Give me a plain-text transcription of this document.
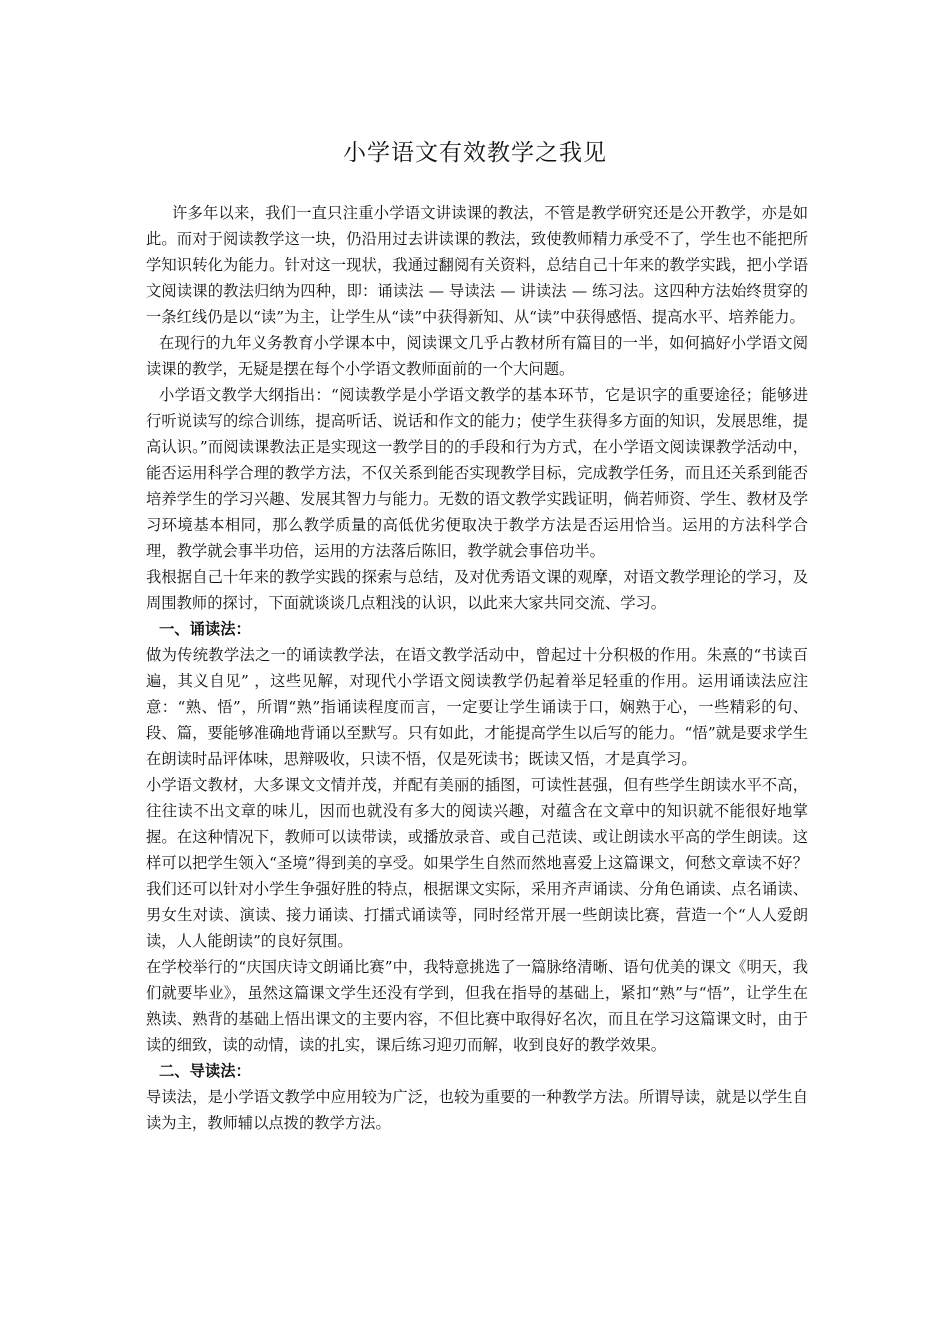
小学语文有效教学之我见

许多年以来，我们一直只注重小学语文讲读课的教法，不管是教学研究还是公开教学，亦是如此。而对于阅读教学这一块，仍沿用过去讲读课的教法，致使教师精力承受不了，学生也不能把所学知识转化为能力。针对这一现状，我通过翻阅有关资料，总结自己十年来的教学实践，把小学语文阅读课的教法归纳为四种，即：诵读法 — 导读法 — 讲读法 — 练习法。这四种方法始终贯穿的一条红线仍是以“读”为主，让学生从“读”中获得新知、从“读”中获得感悟、提高水平、培养能力。

在现行的九年义务教育小学课本中，阅读课文几乎占教材所有篇目的一半，如何搞好小学语文阅读课的教学，无疑是摆在每个小学语文教师面前的一个大问题。

小学语文教学大纲指出：“阅读教学是小学语文教学的基本环节，它是识字的重要途径；能够进行听说读写的综合训练，提高听话、说话和作文的能力；使学生获得多方面的知识，发展思维，提高认识。”而阅读课教法正是实现这一教学目的的手段和行为方式，在小学语文阅读课教学活动中，能否运用科学合理的教学方法，不仅关系到能否实现教学目标，完成教学任务，而且还关系到能否培养学生的学习兴趣、发展其智力与能力。无数的语文教学实践证明，倘若师资、学生、教材及学习环境基本相同，那么教学质量的高低优劣便取决于教学方法是否运用恰当。运用的方法科学合理，教学就会事半功倍，运用的方法落后陈旧，教学就会事倍功半。

我根据自己十年来的教学实践的探索与总结，及对优秀语文课的观摩，对语文教学理论的学习，及周围教师的探讨，下面就谈谈几点粗浅的认识，以此来大家共同交流、学习。

一、诵读法：

做为传统教学法之一的诵读教学法，在语文教学活动中，曾起过十分积极的作用。朱熹的“书读百遍，其义自见” ，这些见解，对现代小学语文阅读教学仍起着举足轻重的作用。运用诵读法应注意：“熟、悟”，所谓“熟”指诵读程度而言，一定要让学生诵读于口，娴熟于心，一些精彩的句、段、篇，要能够准确地背诵以至默写。只有如此，才能提高学生以后写的能力。“悟”就是要求学生在朗读时品评体味，思辩吸收，只读不悟，仅是死读书；既读又悟，才是真学习。

小学语文教材，大多课文文情并茂，并配有美丽的插图，可读性甚强，但有些学生朗读水平不高，往往读不出文章的味儿，因而也就没有多大的阅读兴趣，对蕴含在文章中的知识就不能很好地掌握。在这种情况下，教师可以读带读，或播放录音、或自己范读、或让朗读水平高的学生朗读。这样可以把学生领入“圣境”得到美的享受。如果学生自然而然地喜爱上这篇课文，何愁文章读不好？我们还可以针对小学生争强好胜的特点，根据课文实际，采用齐声诵读、分角色诵读、点名诵读、男女生对读、演读、接力诵读、打擂式诵读等，同时经常开展一些朗读比赛，营造一个“人人爱朗读，人人能朗读”的良好氛围。

在学校举行的“庆国庆诗文朗诵比赛”中，我特意挑选了一篇脉络清晰、语句优美的课文《明天，我们就要毕业》，虽然这篇课文学生还没有学到，但我在指导的基础上，紧扣“熟”与“悟”，让学生在熟读、熟背的基础上悟出课文的主要内容，不但比赛中取得好名次，而且在学习这篇课文时，由于读的细致，读的动情，读的扎实，课后练习迎刃而解，收到良好的教学效果。

二、导读法：

导读法，是小学语文教学中应用较为广泛，也较为重要的一种教学方法。所谓导读，就是以学生自读为主，教师辅以点拨的教学方法。
